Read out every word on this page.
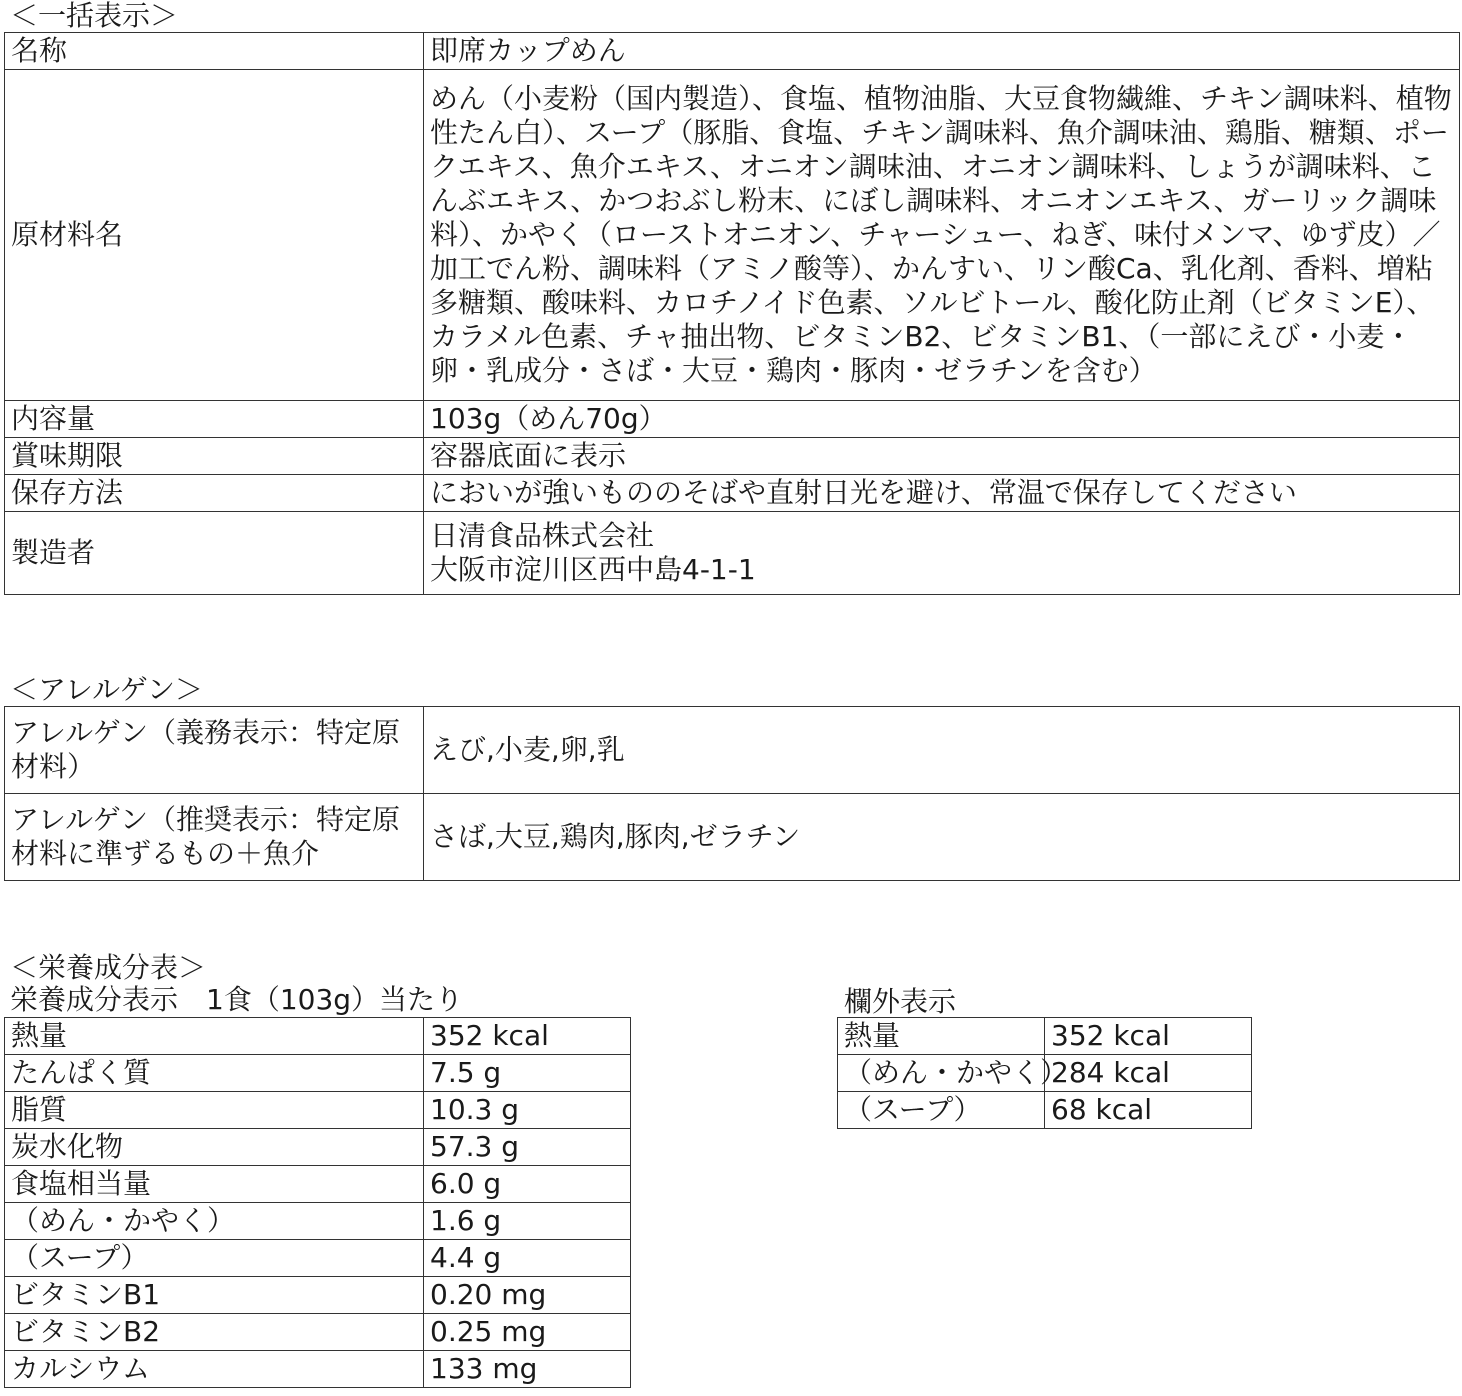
＜一括表示＞
名称	即席カップめん
原材料名	めん（小麦粉（国内製造）、食塩、植物油脂、大豆食物繊維、チキン調味料、植物性たん白）、スープ（豚脂、食塩、チキン調味料、魚介調味油、鶏脂、糖類、ポークエキス、魚介エキス、オニオン調味油、オニオン調味料、しょうが調味料、こんぶエキス、かつおぶし粉末、にぼし調味料、オニオンエキス、ガーリック調味料）、かやく（ローストオニオン、チャーシュー、ねぎ、味付メンマ、ゆず皮）／加工でん粉、調味料（アミノ酸等）、かんすい、リン酸Ca、乳化剤、香料、増粘多糖類、酸味料、カロチノイド色素、ソルビトール、酸化防止剤（ビタミンE）、カラメル色素、チャ抽出物、ビタミンB2、ビタミンB1、（一部にえび・小麦・卵・乳成分・さば・大豆・鶏肉・豚肉・ゼラチンを含む）
内容量	103g（めん70g）
賞味期限	容器底面に表示
保存方法	においが強いもののそばや直射日光を避け、常温で保存してください
製造者	日清食品株式会社
大阪市淀川区西中島4-1-1
＜アレルゲン＞
アレルゲン（義務表示：特定原材料）	えび,小麦,卵,乳
アレルゲン（推奨表示：特定原材料に準ずるもの＋魚介	さば,大豆,鶏肉,豚肉,ゼラチン
＜栄養成分表＞
栄養成分表示　1食（103g）当たり
熱量	352 kcal
たんぱく質	7.5 g
脂質	10.3 g
炭水化物	57.3 g
食塩相当量	6.0 g
（めん・かやく）	1.6 g
（スープ）	4.4 g
ビタミンB1	0.20 mg
ビタミンB2	0.25 mg
カルシウム	133 mg
欄外表示
熱量	352 kcal
（めん・かやく）	284 kcal
（スープ）	68 kcal
